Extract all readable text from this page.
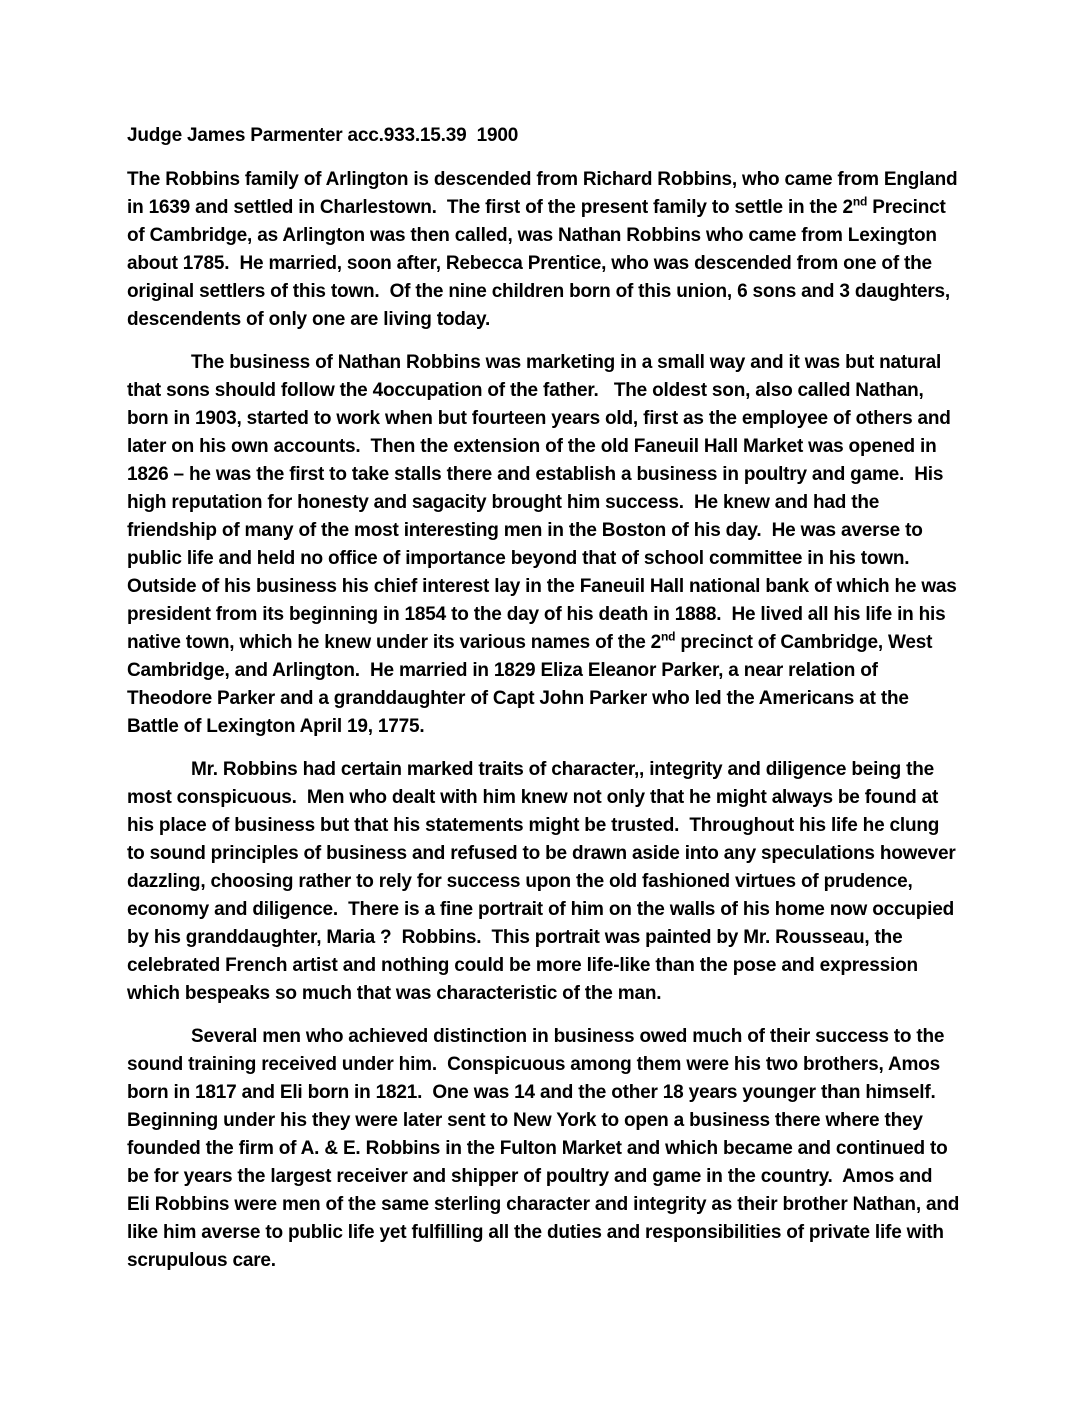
Judge James Parmenter acc.933.15.39  1900

The Robbins family of Arlington is descended from Richard Robbins, who came from England in 1639 and settled in Charlestown.  The first of the present family to settle in the 2nd Precinct of Cambridge, as Arlington was then called, was Nathan Robbins who came from Lexington about 1785.  He married, soon after, Rebecca Prentice, who was descended from one of the original settlers of this town.  Of the nine children born of this union, 6 sons and 3 daughters, descendents of only one are living today.

The business of Nathan Robbins was marketing in a small way and it was but natural that sons should follow the 4occupation of the father.   The oldest son, also called Nathan, born in 1903, started to work when but fourteen years old, first as the employee of others and later on his own accounts.  Then the extension of the old Faneuil Hall Market was opened in 1826 – he was the first to take stalls there and establish a business in poultry and game.  His high reputation for honesty and sagacity brought him success.  He knew and had the friendship of many of the most interesting men in the Boston of his day.  He was averse to public life and held no office of importance beyond that of school committee in his town.   Outside of his business his chief interest lay in the Faneuil Hall national bank of which he was president from its beginning in 1854 to the day of his death in 1888.  He lived all his life in his native town, which he knew under its various names of the 2nd precinct of Cambridge, West Cambridge, and Arlington.  He married in 1829 Eliza Eleanor Parker, a near relation of Theodore Parker and a granddaughter of Capt John Parker who led the Americans at the Battle of Lexington April 19, 1775.

Mr. Robbins had certain marked traits of character,, integrity and diligence being the most conspicuous.  Men who dealt with him knew not only that he might always be found at his place of business but that his statements might be trusted.  Throughout his life he clung to sound principles of business and refused to be drawn aside into any speculations however dazzling, choosing rather to rely for success upon the old fashioned virtues of prudence, economy and diligence.  There is a fine portrait of him on the walls of his home now occupied by his granddaughter, Maria ?  Robbins.  This portrait was painted by Mr. Rousseau, the celebrated French artist and nothing could be more life-like than the pose and expression which bespeaks so much that was characteristic of the man.

Several men who achieved distinction in business owed much of their success to the sound training received under him.  Conspicuous among them were his two brothers, Amos born in 1817 and Eli born in 1821.  One was 14 and the other 18 years younger than himself.  Beginning under his they were later sent to New York to open a business there where they founded the firm of A. & E. Robbins in the Fulton Market and which became and continued to be for years the largest receiver and shipper of poultry and game in the country.  Amos and Eli Robbins were men of the same sterling character and integrity as their brother Nathan, and like him averse to public life yet fulfilling all the duties and responsibilities of private life with scrupulous care.
